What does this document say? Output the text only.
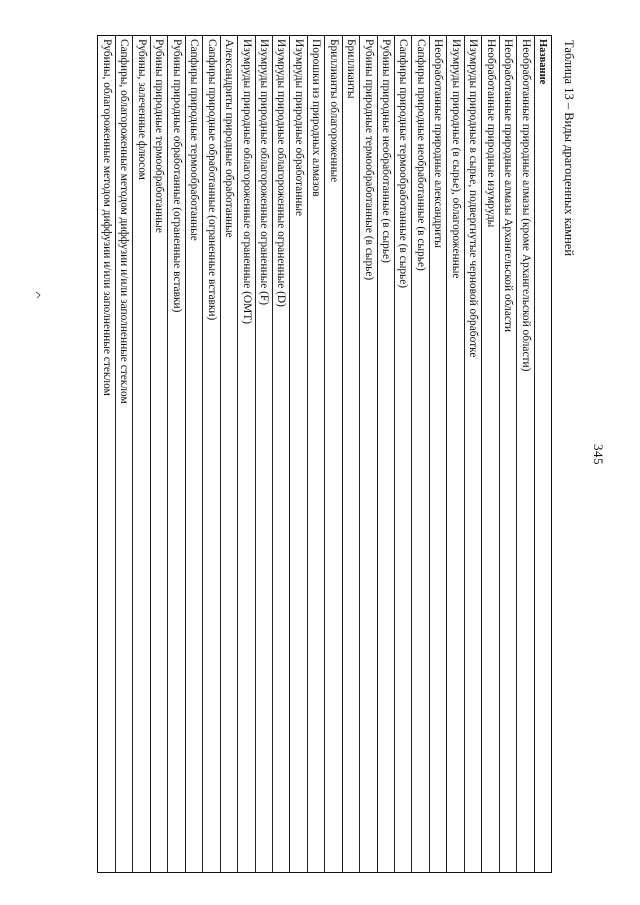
345
Таблица 13 – Виды драгоценных камней
Название
Необработанные природные алмазы (кроме Архангельской области)
Необработанные природные алмазы Архангельской области
Необработанные природные изумруды
Изумруды природные в сырье, подвергнутые черновой обработке
Изумруды природные (в сырье), облагороженные
Необработанные природные александриты
Сапфиры природные необработанные (в сырье)
Сапфиры природные термообработанные (в сырье)
Рубины природные необработанные (в сырье)
Рубины природные термообработанные (в сырье)
Бриллианты
Бриллианты облагороженные
Порошки из природных алмазов
Изумруды природные обработанные
Изумруды природные облагороженные ограненные (D)
Изумруды природные облагороженные ограненные (F)
Изумруды природные облагороженные ограненные (OMT)
Александриты природные обработанные
Сапфиры природные обработанные (ограненные вставки)
Сапфиры природные термообработанные
Рубины природные обработанные (ограненные вставки)
Рубины природные термообработанные
Рубины, залеченные флюсом
Сапфиры, облагороженные методом диффузии и/или заполненные стеклом
Рубины, облагороженные методом диффузии и/или заполненные стеклом
